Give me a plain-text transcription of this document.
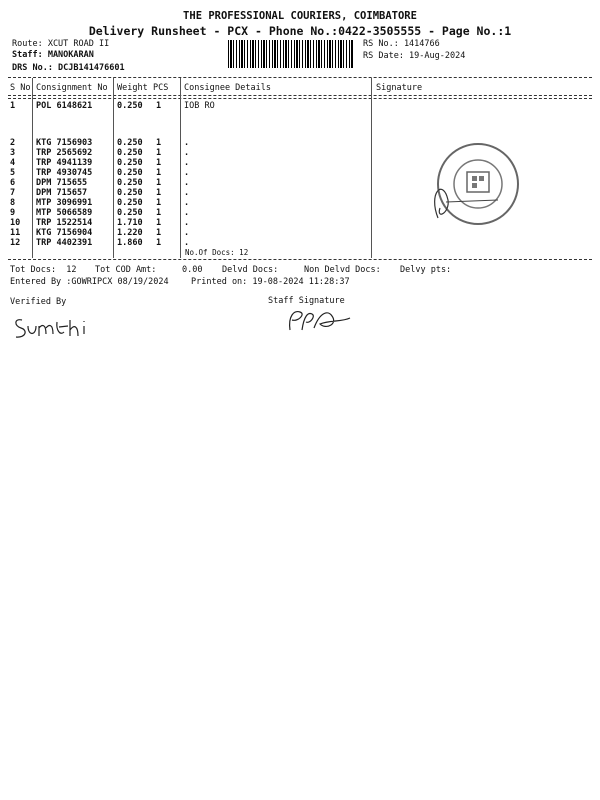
THE PROFESSIONAL COURIERS, COIMBATORE
Delivery Runsheet - PCX - Phone No.:0422-3505555 - Page No.:1
Route: XCUT ROAD II
Staff: MANOKARAN
DRS No.: DCJB141476601
RS No.: 1414766
RS Date: 19-Aug-2024
S No Consignment No Weight PCS Consignee Details	Signature
1 POL 6148621	0.250 1	IOB RO
2 KTG 7156903	0.250 1	.
3 TRP 2565692	0.250 1	.
4 TRP 4941139	0.250 1	.
5 TRP 4930745	0.250 1	.
6 DPM 715655	0.250 1	.
7 DPM 715657	0.250 1	.
8 MTP 3096991	0.250 1	.
9 MTP 5066589	0.250 1	.
10 TRP 1522514	1.710 1	.
11 KTG 7156904	1.220 1	.
12 TRP 4402391	1.860 1	.
No.Of Docs: 12
Tot Docs:  12 Tot COD Amt:     0.00 Delvd Docs:	Non Delvd Docs: Delvy pts:
Entered By :GOWRIPCX 08/19/2024	Printed on: 19-08-2024 11:28:37
Verified By	Staff Signature
